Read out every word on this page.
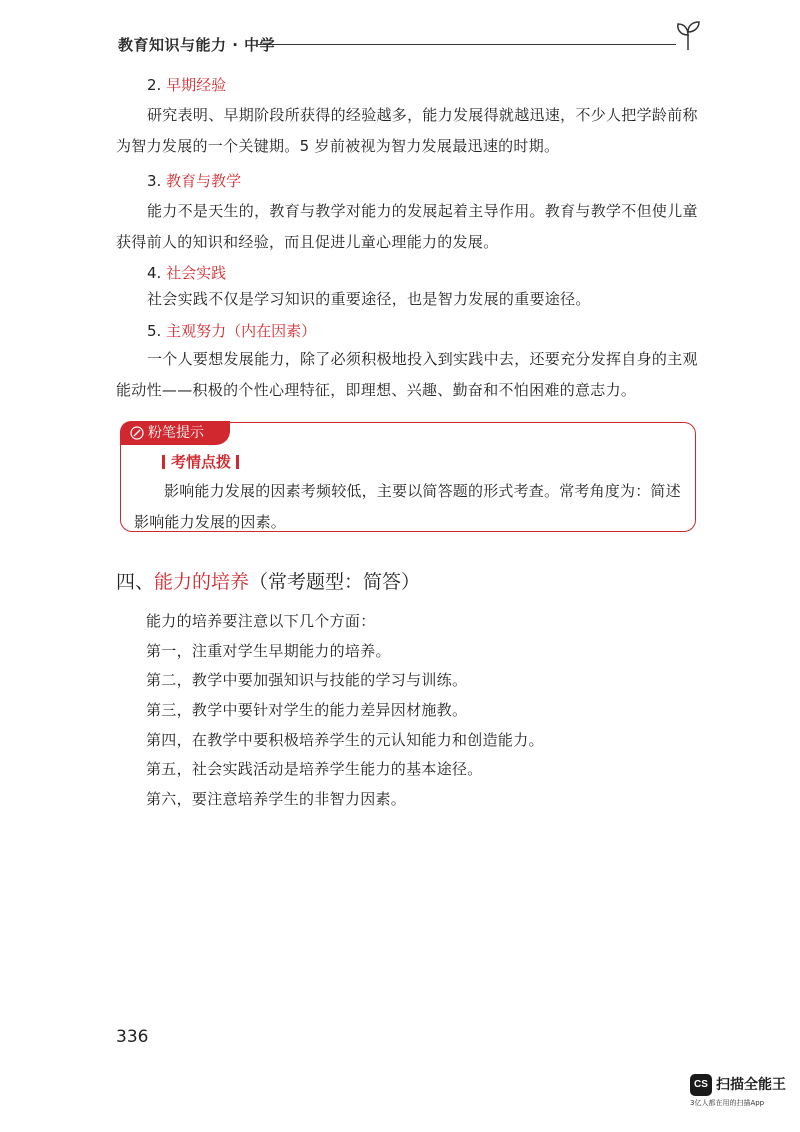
教育知识与能力 · 中学
2. 早期经验
研究表明、早期阶段所获得的经验越多，能力发展得就越迅速，不少人把学龄前称为智力发展的一个关键期。5 岁前被视为智力发展最迅速的时期。
3. 教育与教学
能力不是天生的，教育与教学对能力的发展起着主导作用。教育与教学不但使儿童获得前人的知识和经验，而且促进儿童心理能力的发展。
4. 社会实践
社会实践不仅是学习知识的重要途径，也是智力发展的重要途径。
5. 主观努力（内在因素）
一个人要想发展能力，除了必须积极地投入到实践中去，还要充分发挥自身的主观能动性——积极的个性心理特征，即理想、兴趣、勤奋和不怕困难的意志力。
粉笔提示
考情点拨
影响能力发展的因素考频较低，主要以简答题的形式考查。常考角度为：简述影响能力发展的因素。
四、能力的培养（常考题型：简答）
能力的培养要注意以下几个方面：
第一，注重对学生早期能力的培养。
第二，教学中要加强知识与技能的学习与训练。
第三，教学中要针对学生的能力差异因材施教。
第四，在教学中要积极培养学生的元认知能力和创造能力。
第五，社会实践活动是培养学生能力的基本途径。
第六，要注意培养学生的非智力因素。
336
CS 扫描全能王
3亿人都在用的扫描App
